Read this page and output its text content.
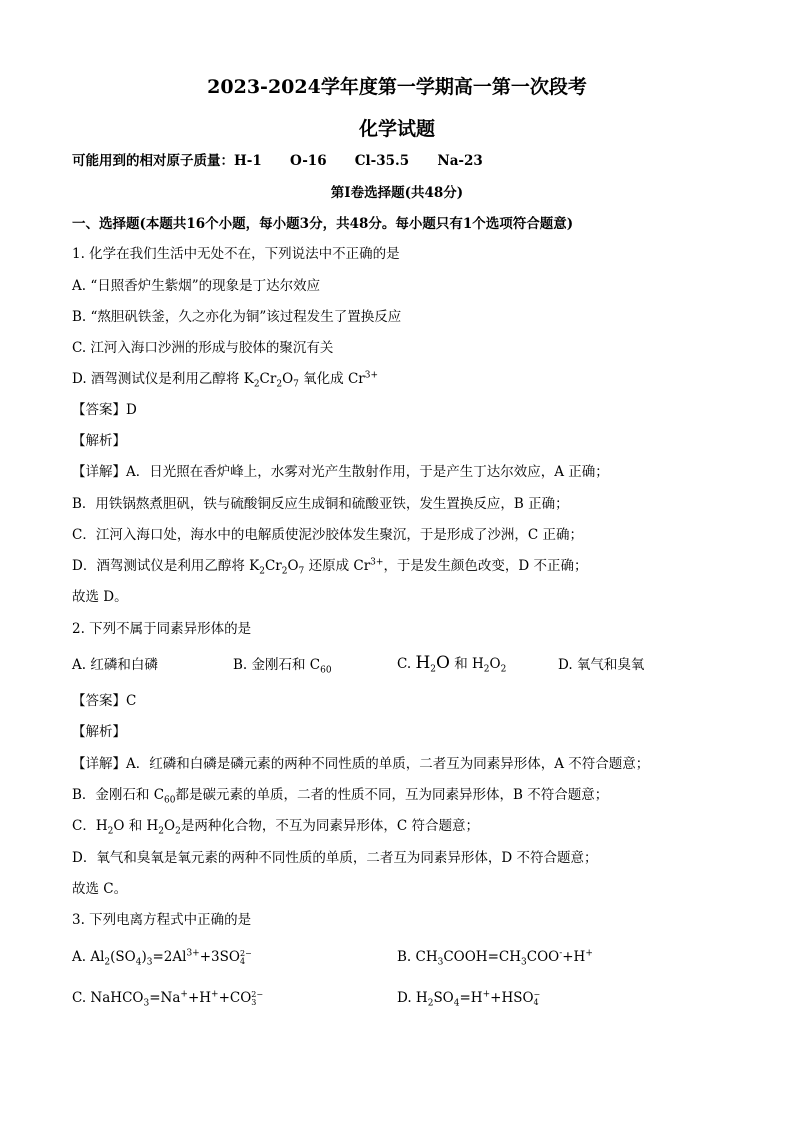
2023-2024学年度第一学期高一第一次段考
化学试题
可能用到的相对原子质量：H-1      O-16      Cl-35.5      Na-23
第I卷选择题(共48分)
一、选择题(本题共16个小题，每小题3分，共48分。每小题只有1个选项符合题意)
1. 化学在我们生活中无处不在，下列说法中不正确的是
A. “日照香炉生紫烟”的现象是丁达尔效应
B. “熬胆矾铁釜，久之亦化为铜”该过程发生了置换反应
C. 江河入海口沙洲的形成与胶体的聚沉有关
D. 酒驾测试仪是利用乙醇将 $K_2Cr_2O_7$ 氧化成 $Cr^{3+}$
【答案】D
【解析】
【详解】A．日光照在香炉峰上，水雾对光产生散射作用，于是产生丁达尔效应，A 正确；
B．用铁锅熬煮胆矾，铁与硫酸铜反应生成铜和硫酸亚铁，发生置换反应，B 正确；
C．江河入海口处，海水中的电解质使泥沙胶体发生聚沉，于是形成了沙洲，C 正确；
D．酒驾测试仪是利用乙醇将 $K_2Cr_2O_7$ 还原成 $Cr^{3+}$，于是发生颜色改变，D 不正确；
故选 D。
2. 下列不属于同素异形体的是
A. 红磷和白磷	B. 金刚石和 $C_{60}$	C. $H_2O$ 和 $H_2O_2$	D. 氧气和臭氧
【答案】C
【解析】
【详解】A．红磷和白磷是磷元素的两种不同性质的单质，二者互为同素异形体，A 不符合题意；
B．金刚石和 $C_{60}$都是碳元素的单质，二者的性质不同，互为同素异形体，B 不符合题意；
C．$H_2O$ 和 $H_2O_2$是两种化合物，不互为同素异形体，C 符合题意；
D．氧气和臭氧是氧元素的两种不同性质的单质，二者互为同素异形体，D 不符合题意；
故选 C。
3. 下列电离方程式中正确的是
A. $Al_2(SO_4)_3=2Al^{3+}+3SO$ 2−
4	B. $CH_3COOH=CH_3COO^-+H^+$
C. NaHCO$_3$=Na++H++CO 2−
3	D. $H_2SO_4=H^++HSO$ −
4
